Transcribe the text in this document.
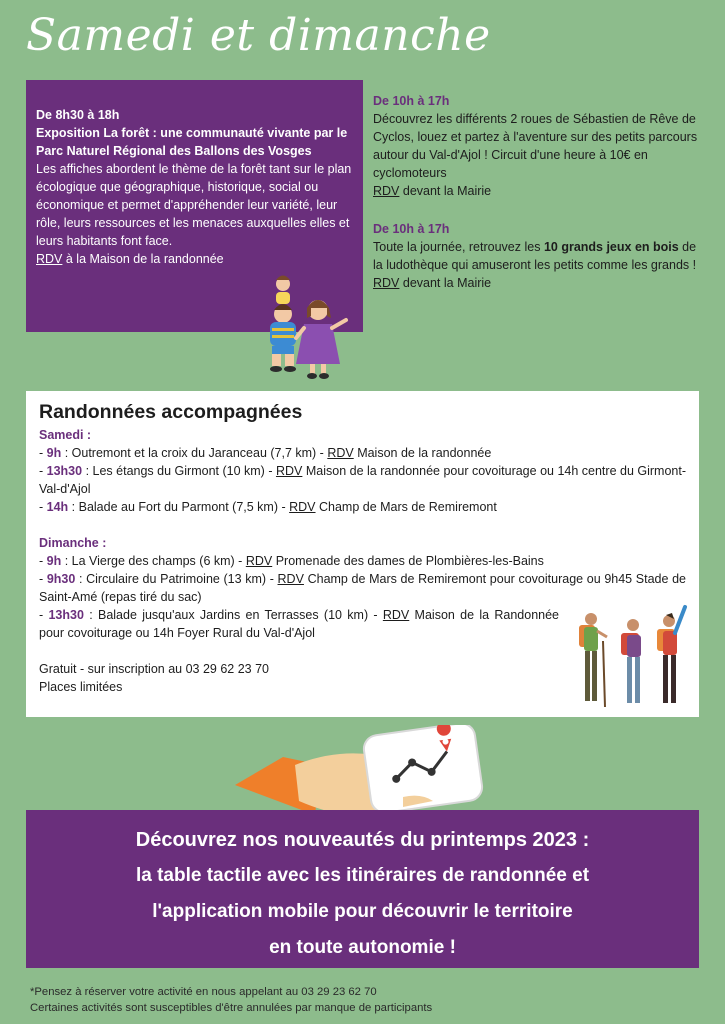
Samedi et dimanche
De 8h30 à 18h
Exposition La forêt : une communauté vivante par le Parc Naturel Régional des Ballons des Vosges
Les affiches abordent le thème de la forêt tant sur le plan écologique que géographique, historique, social ou économique et permet d'appréhender leur variété, leur rôle, leurs ressources et les menaces auxquelles elles et leurs habitants font face.
RDV à la Maison de la randonnée
De 10h à 17h
Découvrez les différents 2 roues de Sébastien de Rêve de Cyclos, louez et partez à l'aventure sur des petits parcours autour du Val-d'Ajol ! Circuit d'une heure à 10€ en cyclomoteurs
RDV devant la Mairie
De 10h à 17h
Toute la journée, retrouvez les 10 grands jeux en bois de la ludothèque qui amuseront les petits comme les grands !
RDV devant la Mairie
Randonnées accompagnées
Samedi :
- 9h : Outremont et la croix du Jaranceau (7,7 km) - RDV Maison de la randonnée
- 13h30 : Les étangs du Girmont (10 km) - RDV Maison de la randonnée pour covoiturage ou 14h centre du Girmont-Val-d'Ajol
- 14h : Balade au Fort du Parmont (7,5 km) - RDV Champ de Mars de Remiremont
Dimanche :
- 9h : La Vierge des champs (6 km) - RDV Promenade des dames de Plombières-les-Bains
- 9h30 : Circulaire du Patrimoine (13 km) - RDV Champ de Mars de Remiremont pour covoiturage ou 9h45 Stade de Saint-Amé (repas tiré du sac)
- 13h30 : Balade jusqu'aux Jardins en Terrasses (10 km) - RDV Maison de la Randonnée pour covoiturage ou 14h Foyer Rural du Val-d'Ajol
Gratuit - sur inscription au 03 29 62 23 70
Places limitées
Découvrez nos nouveautés du printemps 2023 :
la table tactile avec les itinéraires de randonnée et
l'application mobile pour découvrir le territoire
en toute autonomie !
*Pensez à réserver votre activité en nous appelant au 03 29 23 62 70
Certaines activités sont susceptibles d'être annulées par manque de participants
